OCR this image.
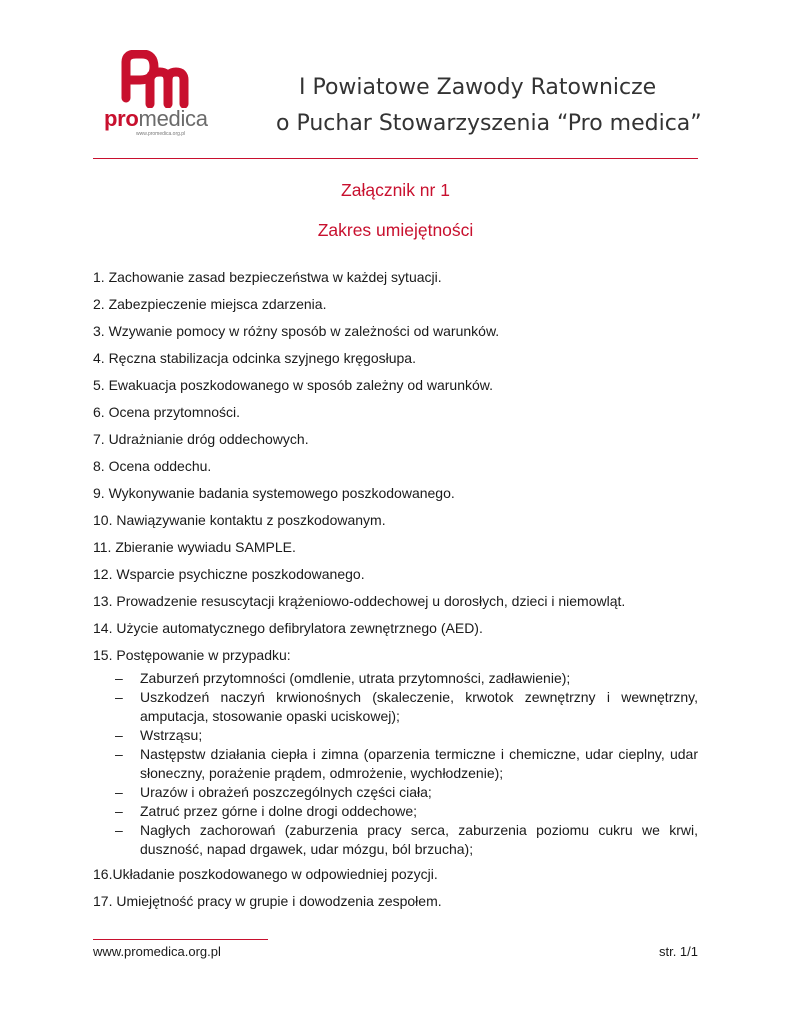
promedica
www.promedica.org.pl
I Powiatowe Zawody Ratownicze
o Puchar Stowarzyszenia “Pro medica”
Załącznik nr 1
Zakres umiejętności
1. Zachowanie zasad bezpieczeństwa w każdej sytuacji.
2. Zabezpieczenie miejsca zdarzenia.
3. Wzywanie pomocy w różny sposób w zależności od warunków.
4. Ręczna stabilizacja odcinka szyjnego kręgosłupa.
5. Ewakuacja poszkodowanego w sposób zależny od warunków.
6. Ocena przytomności.
7. Udrażnianie dróg oddechowych.
8. Ocena oddechu.
9. Wykonywanie badania systemowego poszkodowanego.
10. Nawiązywanie kontaktu z poszkodowanym.
11. Zbieranie wywiadu SAMPLE.
12. Wsparcie psychiczne poszkodowanego.
13. Prowadzenie resuscytacji krążeniowo-oddechowej u dorosłych, dzieci i niemowląt.
14. Użycie automatycznego defibrylatora zewnętrznego (AED).
15. Postępowanie w przypadku:
– Zaburzeń przytomności (omdlenie, utrata przytomności, zadławienie);
– Uszkodzeń naczyń krwionośnych (skaleczenie, krwotok zewnętrzny i wewnętrzny, amputacja, stosowanie opaski uciskowej);
– Wstrząsu;
– Następstw działania ciepła i zimna (oparzenia termiczne i chemiczne, udar cieplny, udar słoneczny, porażenie prądem, odmrożenie, wychłodzenie);
– Urazów i obrażeń poszczególnych części ciała;
– Zatruć przez górne i dolne drogi oddechowe;
– Nagłych zachorowań (zaburzenia pracy serca, zaburzenia poziomu cukru we krwi, duszność, napad drgawek, udar mózgu, ból brzucha);
16.Układanie poszkodowanego w odpowiedniej pozycji.
17. Umiejętność pracy w grupie i dowodzenia zespołem.
www.promedica.org.pl	str. 1/1
